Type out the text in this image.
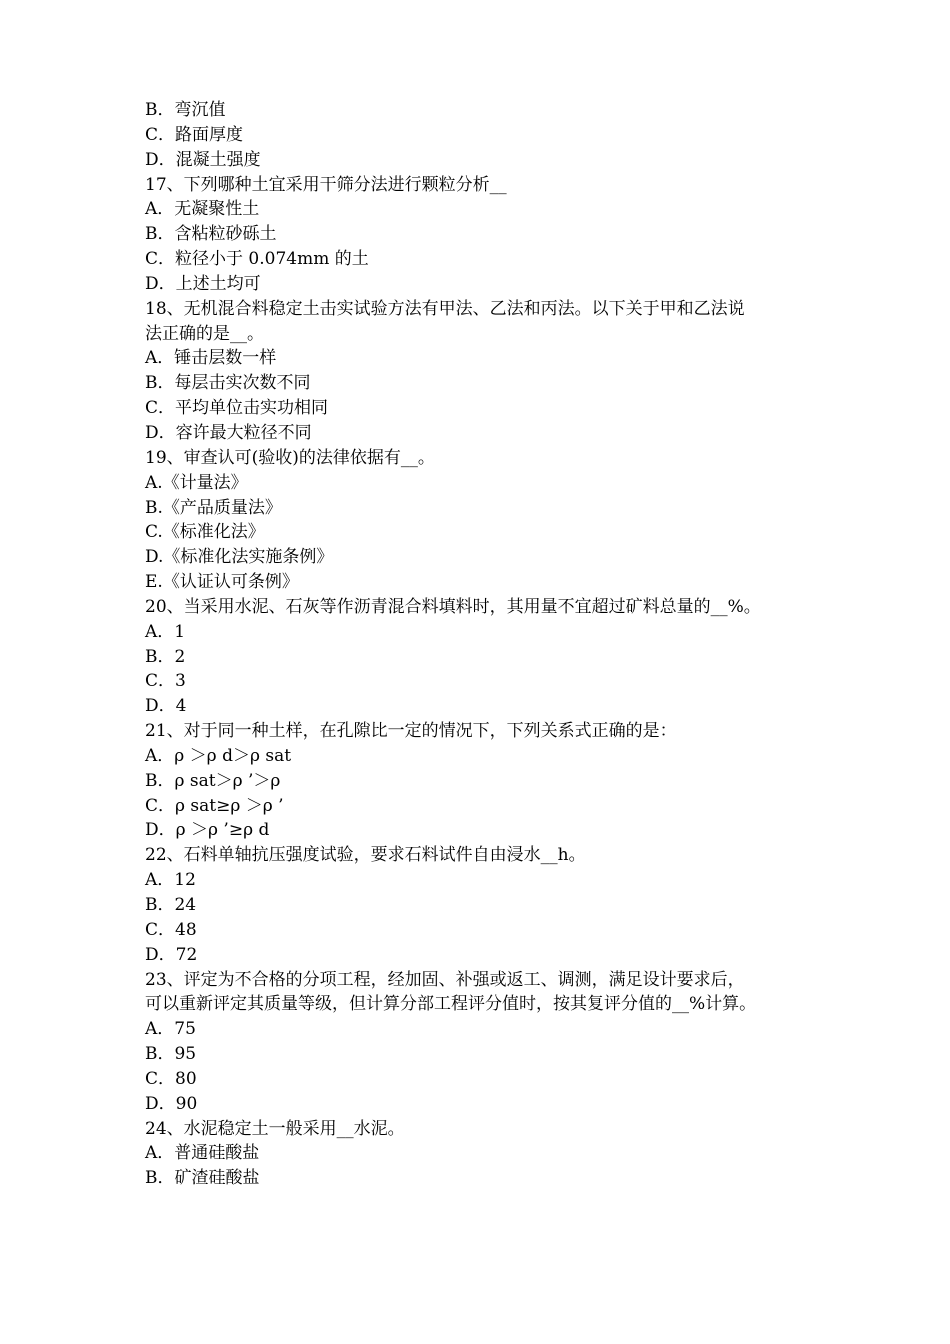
B．弯沉值
C．路面厚度
D．混凝土强度
17、下列哪种土宜采用干筛分法进行颗粒分析__
A．无凝聚性土
B．含粘粒砂砾土
C．粒径小于 0.074mm 的土
D．上述土均可
18、无机混合料稳定土击实试验方法有甲法、乙法和丙法。以下关于甲和乙法说
法正确的是__。
A．锤击层数一样
B．每层击实次数不同
C．平均单位击实功相同
D．容许最大粒径不同
19、审查认可(验收)的法律依据有__。
A.《计量法》
B.《产品质量法》
C.《标准化法》
D.《标准化法实施条例》
E.《认证认可条例》
20、当采用水泥、石灰等作沥青混合料填料时，其用量不宜超过矿料总量的__%。
A．1
B．2
C．3
D．4
21、对于同一种土样，在孔隙比一定的情况下，下列关系式正确的是：
A．ρ ＞ρ d＞ρ sat
B．ρ sat＞ρ ’＞ρ
C．ρ sat≥ρ ＞ρ ’
D．ρ ＞ρ ’≥ρ d
22、石料单轴抗压强度试验，要求石料试件自由浸水__h。
A．12
B．24
C．48
D．72
23、评定为不合格的分项工程，经加固、补强或返工、调测，满足设计要求后，
可以重新评定其质量等级，但计算分部工程评分值时，按其复评分值的__%计算。
A．75
B．95
C．80
D．90
24、水泥稳定土一般采用__水泥。
A．普通硅酸盐
B．矿渣硅酸盐
